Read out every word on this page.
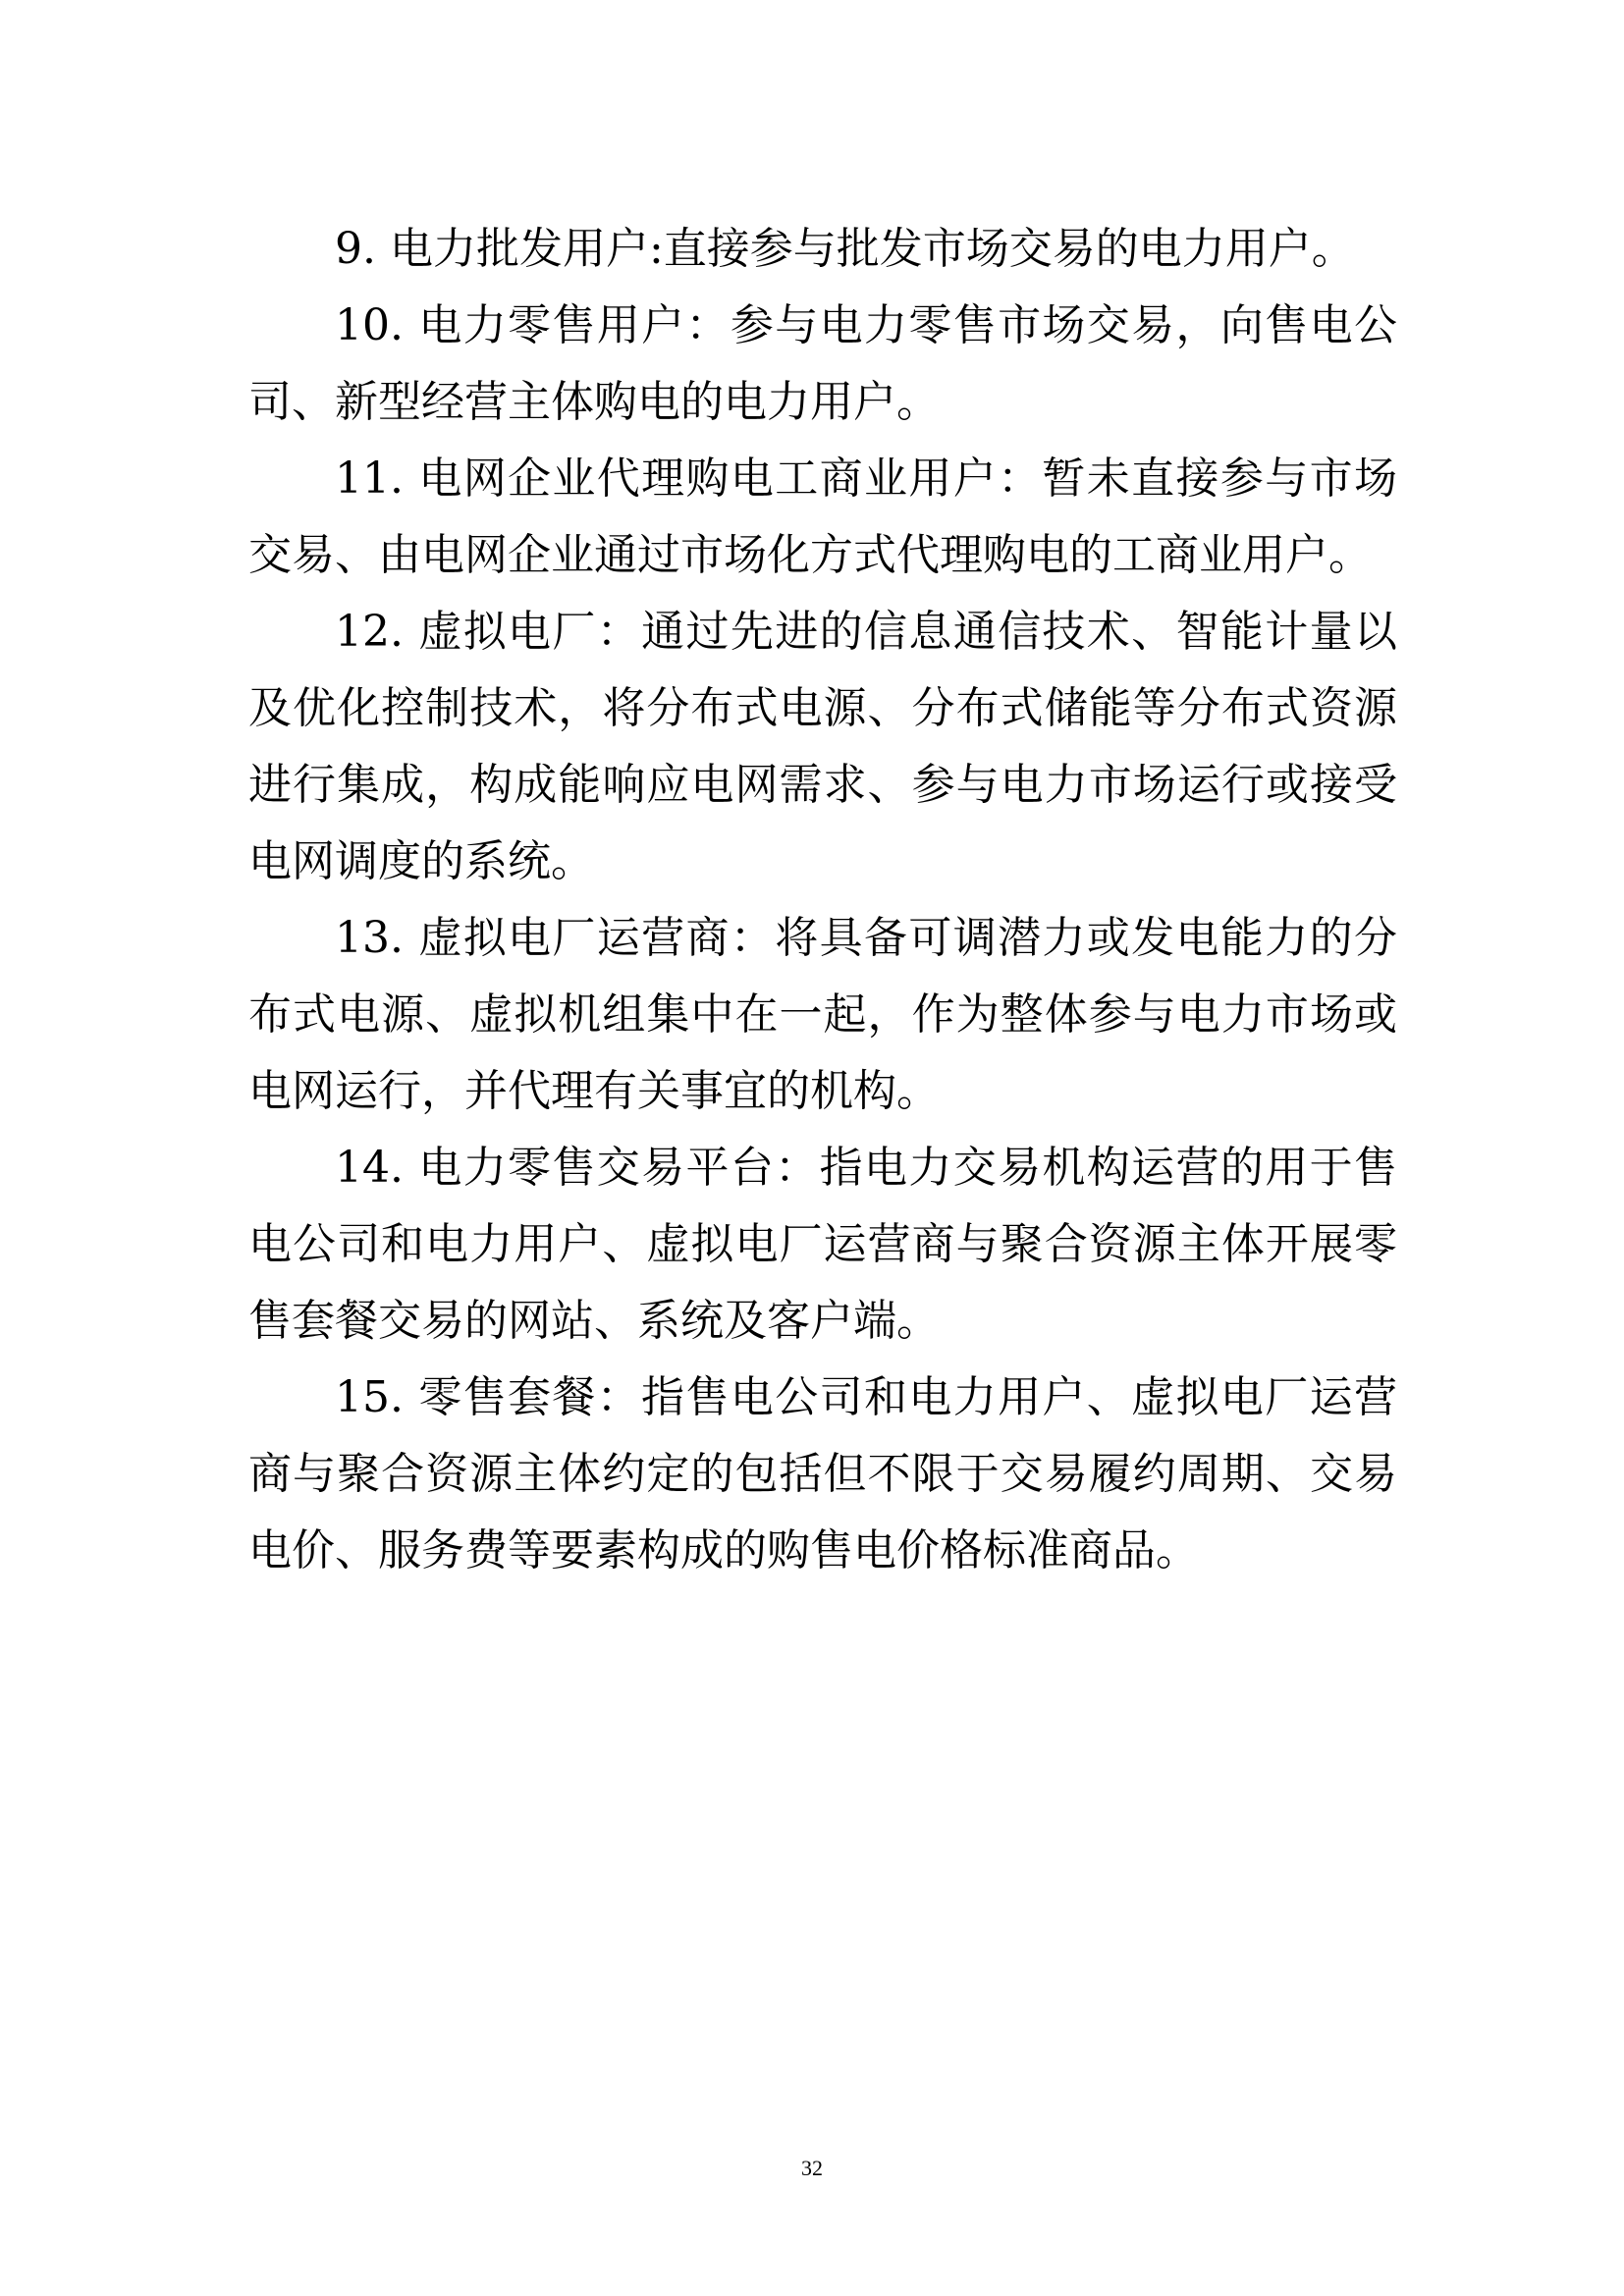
9. 电力批发用户:直接参与批发市场交易的电力用户。
10. 电力零售用户：参与电力零售市场交易，向售电公
司、新型经营主体购电的电力用户。
11. 电网企业代理购电工商业用户：暂未直接参与市场
交易、由电网企业通过市场化方式代理购电的工商业用户。
12. 虚拟电厂：通过先进的信息通信技术、智能计量以
及优化控制技术，将分布式电源、分布式储能等分布式资源
进行集成，构成能响应电网需求、参与电力市场运行或接受
电网调度的系统。
13. 虚拟电厂运营商：将具备可调潜力或发电能力的分
布式电源、虚拟机组集中在一起，作为整体参与电力市场或
电网运行，并代理有关事宜的机构。
14. 电力零售交易平台：指电力交易机构运营的用于售
电公司和电力用户、虚拟电厂运营商与聚合资源主体开展零
售套餐交易的网站、系统及客户端。
15. 零售套餐：指售电公司和电力用户、虚拟电厂运营
商与聚合资源主体约定的包括但不限于交易履约周期、交易
电价、服务费等要素构成的购售电价格标准商品。
32
